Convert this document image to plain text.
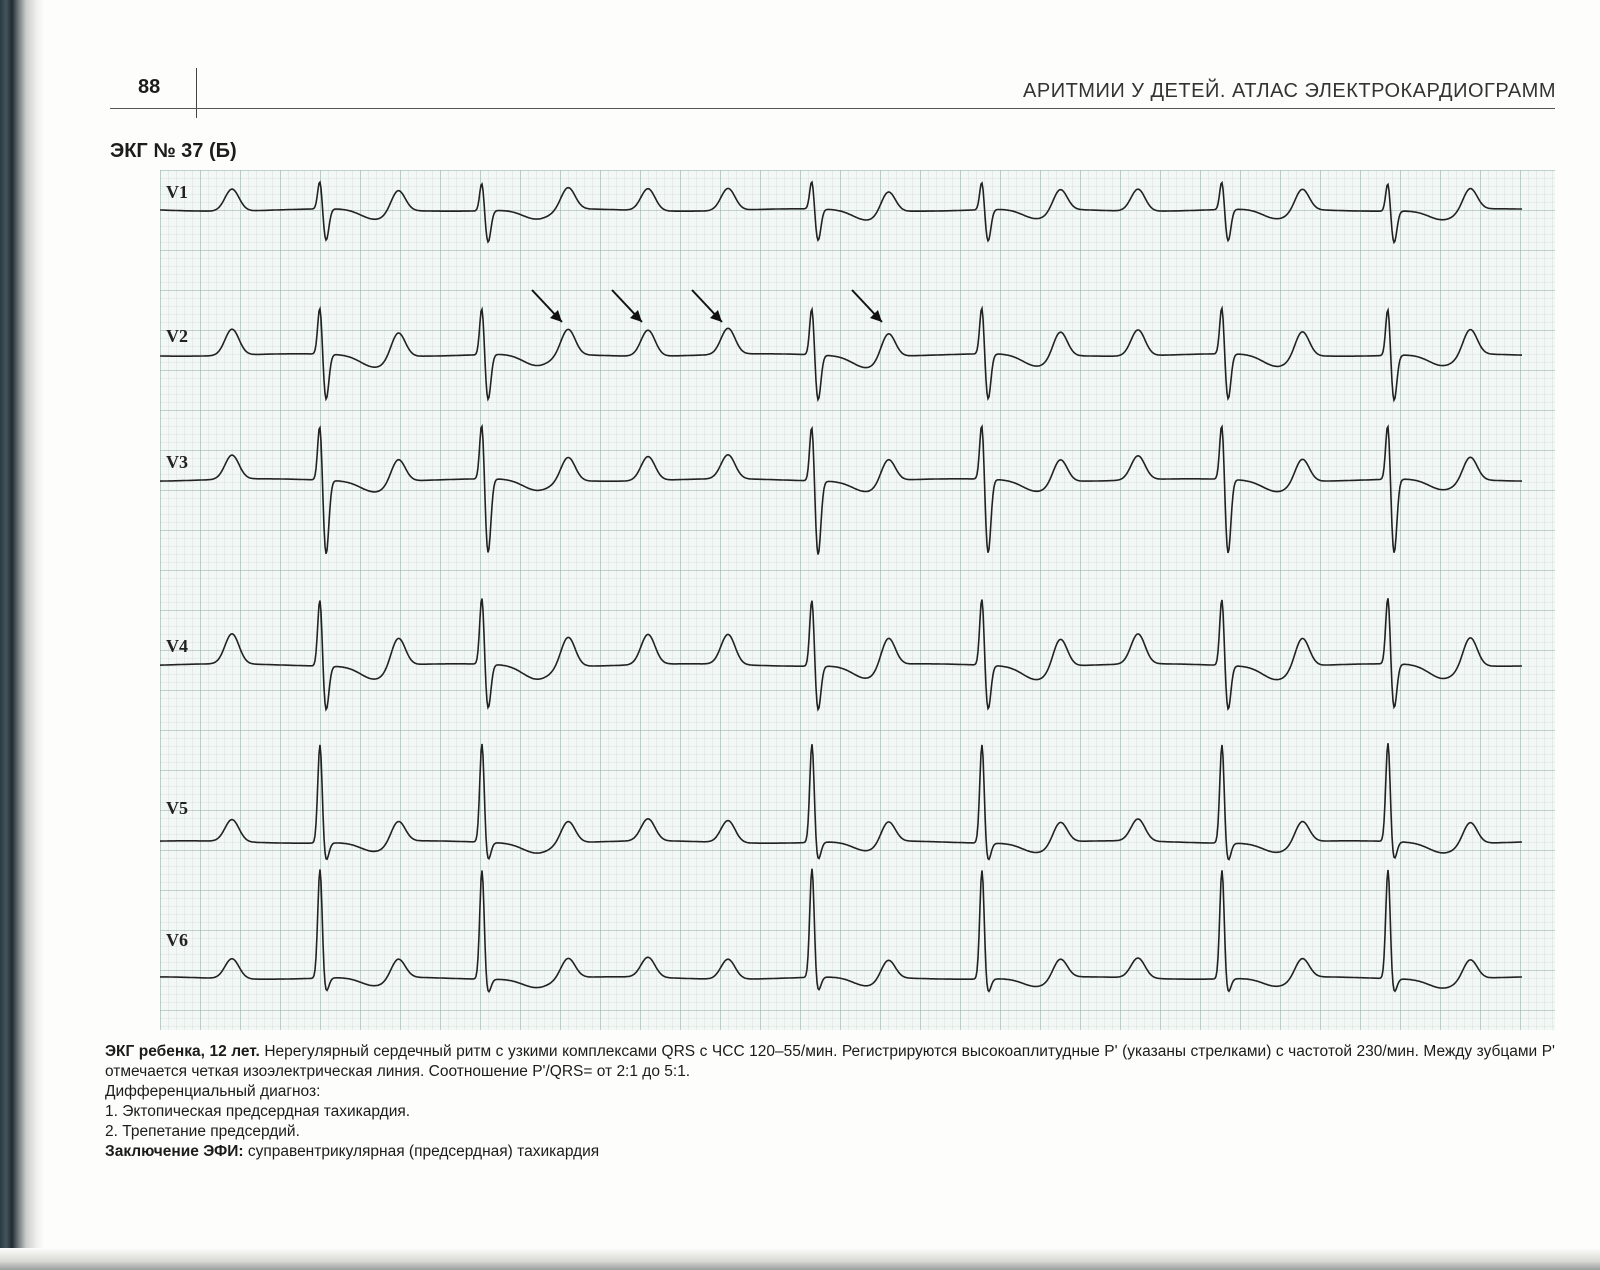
88	АРИТМИИ У ДЕТЕЙ. АТЛАС ЭЛЕКТРОКАРДИОГРАММ
ЭКГ № 37 (Б)
V1
V2
V3
V4
V5
V6

ЭКГ ребенка, 12 лет. Нерегулярный сердечный ритм с узкими комплексами QRS с ЧСС 120–55/мин. Регистрируются высокоаплитудные P' (указаны стрелками) с частотой 230/мин. Между зубцами P' отмечается четкая изоэлектрическая линия. Соотношение P'/QRS= от 2:1 до 5:1.

Дифференциальный диагноз:

1. Эктопическая предсердная тахикардия.

2. Трепетание предсердий.

Заключение ЭФИ: суправентрикулярная (предсердная) тахикардия
